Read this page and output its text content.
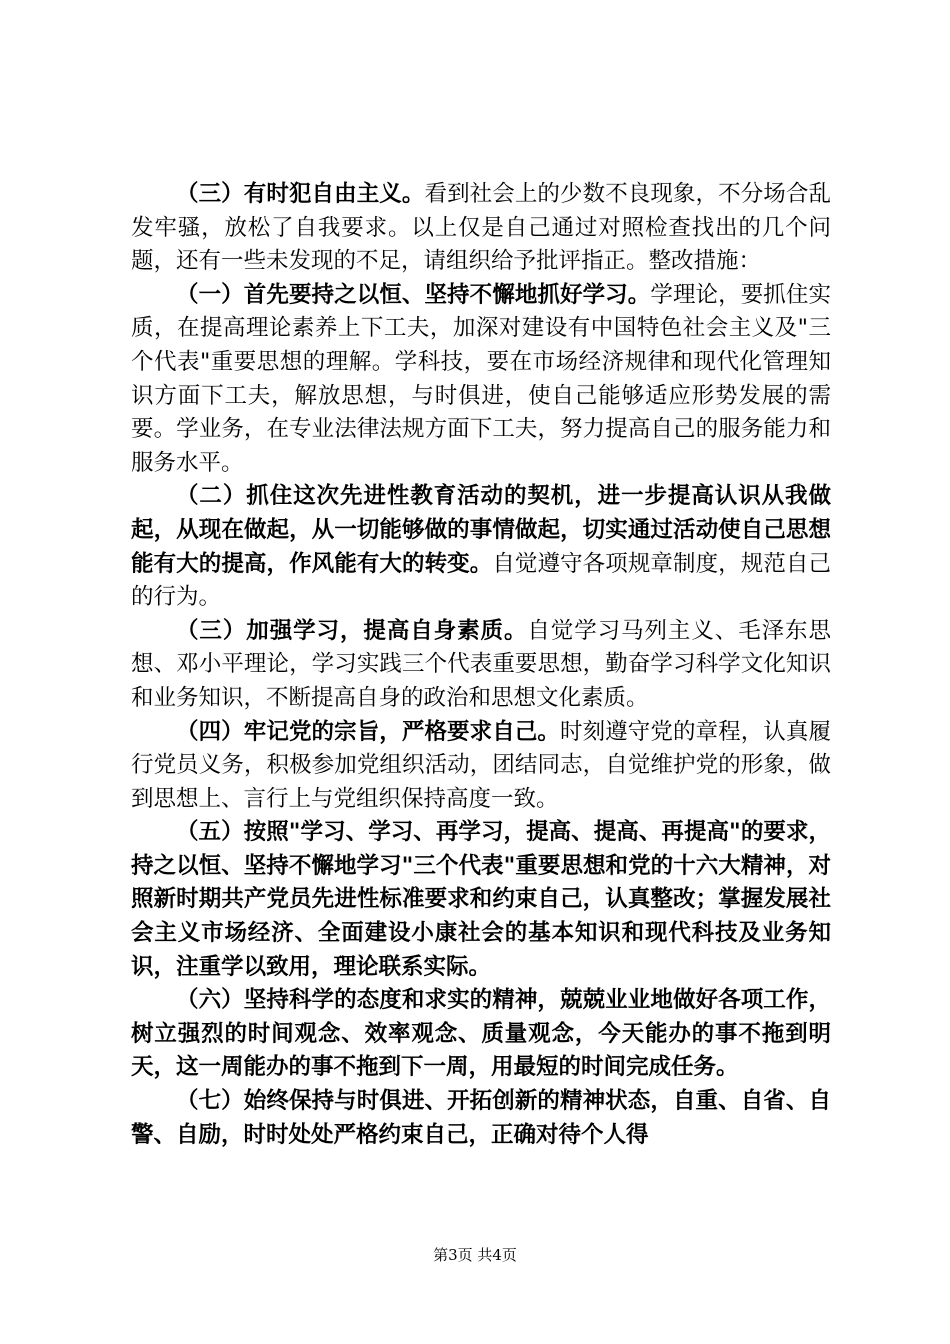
（三）有时犯自由主义。看到社会上的少数不良现象，不分场合乱发牢骚，放松了自我要求。以上仅是自己通过对照检查找出的几个问题，还有一些未发现的不足，请组织给予批评指正。整改措施：

（一）首先要持之以恒、坚持不懈地抓好学习。学理论，要抓住实质，在提高理论素养上下工夫，加深对建设有中国特色社会主义及"三个代表"重要思想的理解。学科技，要在市场经济规律和现代化管理知识方面下工夫，解放思想，与时俱进，使自己能够适应形势发展的需要。学业务，在专业法律法规方面下工夫，努力提高自己的服务能力和服务水平。

（二）抓住这次先进性教育活动的契机，进一步提高认识从我做起，从现在做起，从一切能够做的事情做起，切实通过活动使自己思想能有大的提高，作风能有大的转变。自觉遵守各项规章制度，规范自己的行为。

（三）加强学习，提高自身素质。自觉学习马列主义、毛泽东思想、邓小平理论，学习实践三个代表重要思想，勤奋学习科学文化知识和业务知识，不断提高自身的政治和思想文化素质。

（四）牢记党的宗旨，严格要求自己。时刻遵守党的章程，认真履行党员义务，积极参加党组织活动，团结同志，自觉维护党的形象，做到思想上、言行上与党组织保持高度一致。

（五）按照"学习、学习、再学习，提高、提高、再提高"的要求，持之以恒、坚持不懈地学习"三个代表"重要思想和党的十六大精神，对照新时期共产党员先进性标准要求和约束自己，认真整改；掌握发展社会主义市场经济、全面建设小康社会的基本知识和现代科技及业务知识，注重学以致用，理论联系实际。

（六）坚持科学的态度和求实的精神，兢兢业业地做好各项工作，树立强烈的时间观念、效率观念、质量观念，今天能办的事不拖到明天，这一周能办的事不拖到下一周，用最短的时间完成任务。

（七）始终保持与时俱进、开拓创新的精神状态，自重、自省、自警、自励，时时处处严格约束自己，正确对待个人得

第3页 共4页
